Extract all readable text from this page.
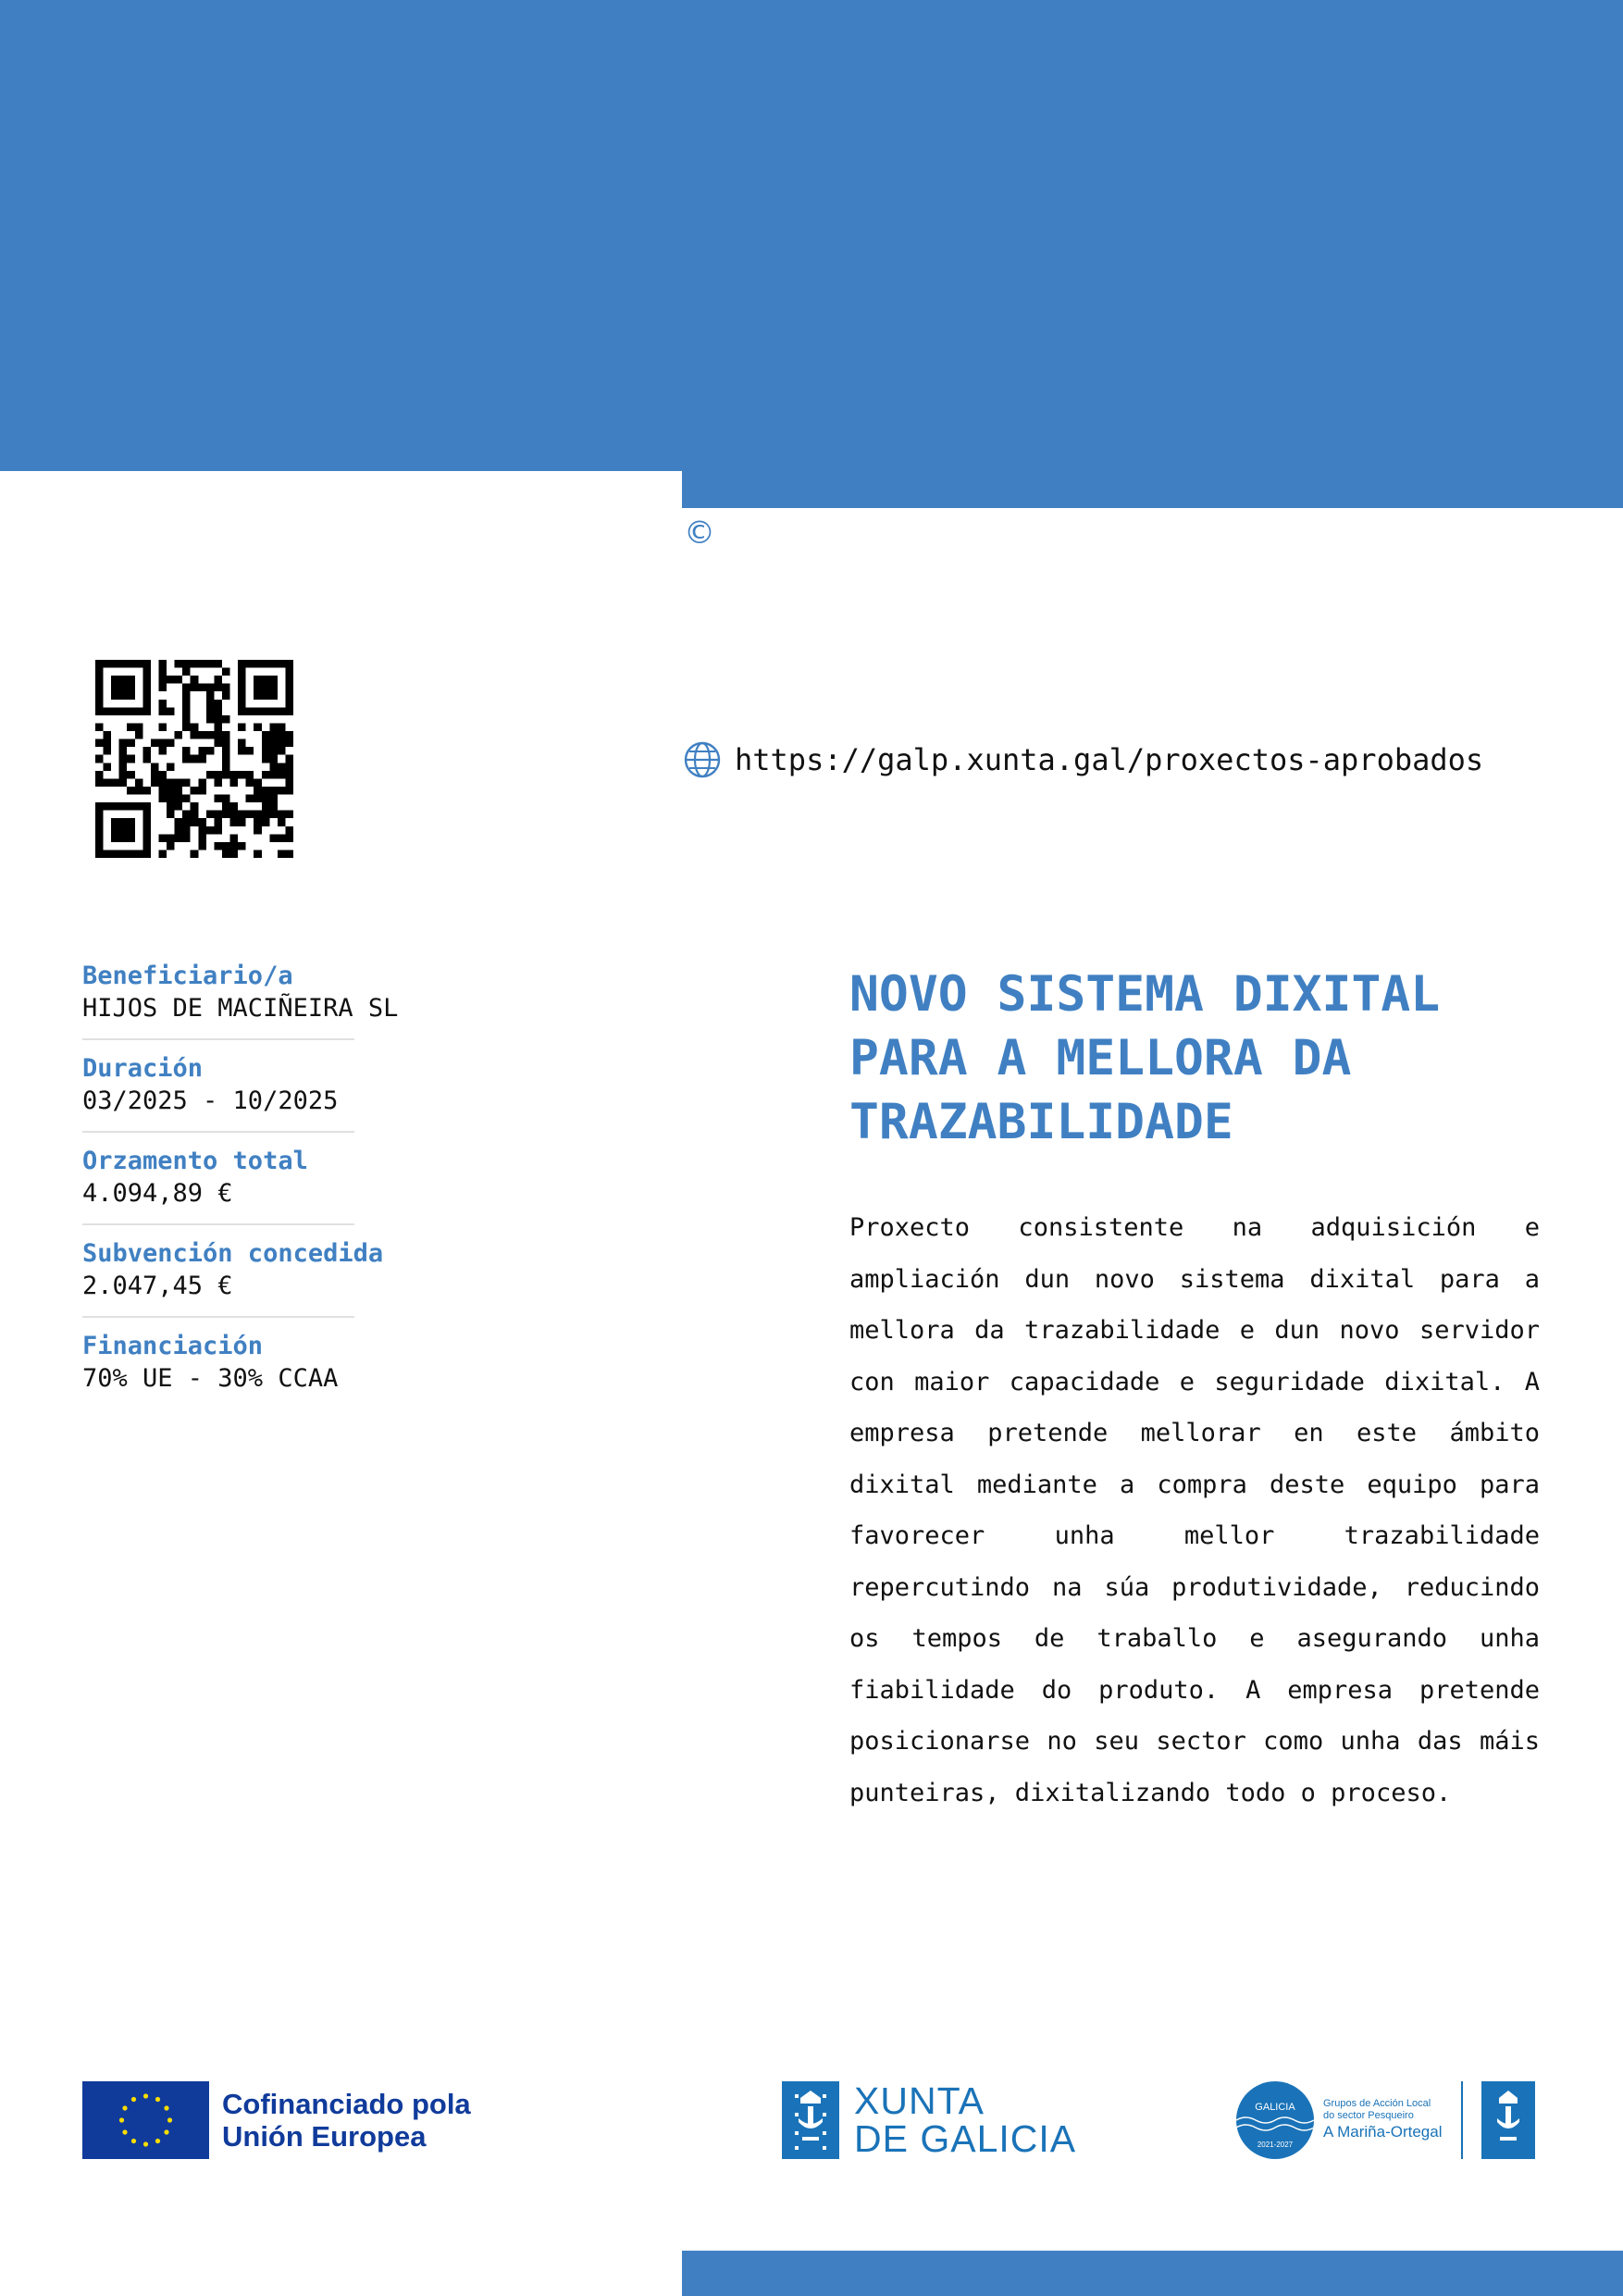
©
https://galp.xunta.gal/proxectos-aprobados
Beneficiario/a
HIJOS DE MACIÑEIRA SL
Duración
03/2025 - 10/2025
Orzamento total
4.094,89 €
Subvención concedida
2.047,45 €
Financiación
70% UE - 30% CCAA
NOVO SISTEMA DIXITAL PARA A MELLORA DA TRAZABILIDADE

Proxecto consistente na adquisición e ampliación dun novo sistema dixital para a mellora da trazabilidade e dun novo servidor con maior capacidade e seguridade dixital. A empresa pretende mellorar en este ámbito dixital mediante a compra deste equipo para favorecer unha mellor trazabilidade repercutindo na súa produtividade, reducindo os tempos de traballo e asegurando unha fiabilidade do produto. A empresa pretende posicionarse no seu sector como unha das máis punteiras, dixitalizando todo o proceso.

Cofinanciado pola
Unión Europea
XUNTA
DE GALICIA
GALICIA
2021-2027
Grupos de Acción Local
do sector Pesqueiro
A Mariña-Ortegal
